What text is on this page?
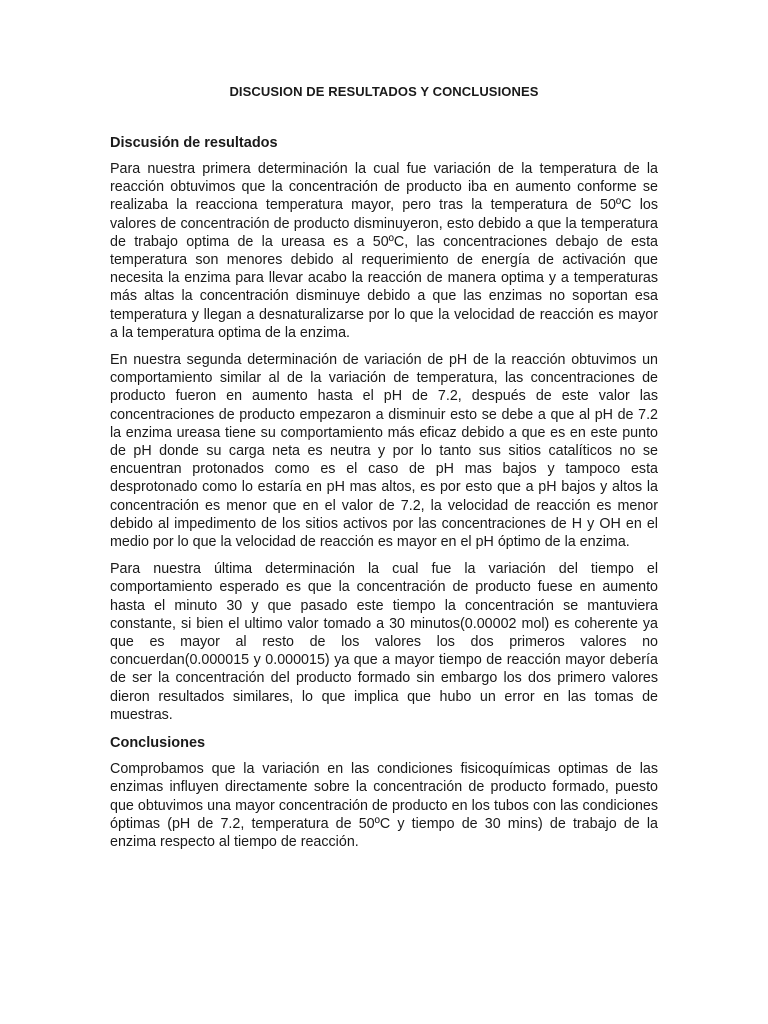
DISCUSION DE RESULTADOS Y CONCLUSIONES
Discusión de resultados

Para nuestra primera determinación la cual fue variación de la temperatura de la reacción obtuvimos que la concentración de producto iba en aumento conforme se realizaba la reacciona temperatura mayor, pero tras la temperatura de 50ºC los valores de concentración de producto disminuyeron, esto debido a que la temperatura de trabajo optima de la ureasa es a 50ºC, las concentraciones debajo de esta temperatura son menores debido al requerimiento de energía de activación que necesita la enzima para llevar acabo la reacción de manera optima y a temperaturas más altas la concentración disminuye debido a que las enzimas no soportan esa temperatura y llegan a desnaturalizarse por lo que la velocidad de reacción es mayor a la temperatura optima de la enzima.

En nuestra segunda determinación de variación de pH de la reacción obtuvimos un comportamiento similar al de la variación de temperatura, las concentraciones de producto fueron en aumento hasta el pH de 7.2, después de este valor las concentraciones de producto empezaron a disminuir esto se debe a que al pH de 7.2 la enzima ureasa tiene su comportamiento más eficaz debido a que es en este punto de pH donde su carga neta es neutra y por lo tanto sus sitios catalíticos no se encuentran protonados como es el caso de pH mas bajos y tampoco esta desprotonado como lo estaría en pH mas altos, es por esto que a pH bajos y altos la concentración es menor que en el valor de 7.2, la velocidad de reacción es menor debido al impedimento de los sitios activos por las concentraciones de H y OH en el medio por lo que la velocidad de reacción es mayor en el pH óptimo de la enzima.

Para nuestra última determinación la cual fue la variación del tiempo el comportamiento esperado es que la concentración de producto fuese en aumento hasta el minuto 30 y que pasado este tiempo la concentración se mantuviera constante, si bien el ultimo valor tomado a 30 minutos(0.00002 mol) es coherente ya que es mayor al resto de los valores los dos primeros valores no concuerdan(0.000015 y 0.000015) ya que a mayor tiempo de reacción mayor debería de ser la concentración del producto formado sin embargo los dos primero valores dieron resultados similares, lo que implica que hubo un error en las tomas de muestras.

Conclusiones

Comprobamos que la variación en las condiciones fisicoquímicas optimas de las enzimas influyen directamente sobre la concentración de producto formado, puesto que obtuvimos una mayor concentración de producto en los tubos con las condiciones óptimas (pH de 7.2, temperatura de 50ºC y tiempo de 30 mins) de trabajo de la enzima respecto al tiempo de reacción.
